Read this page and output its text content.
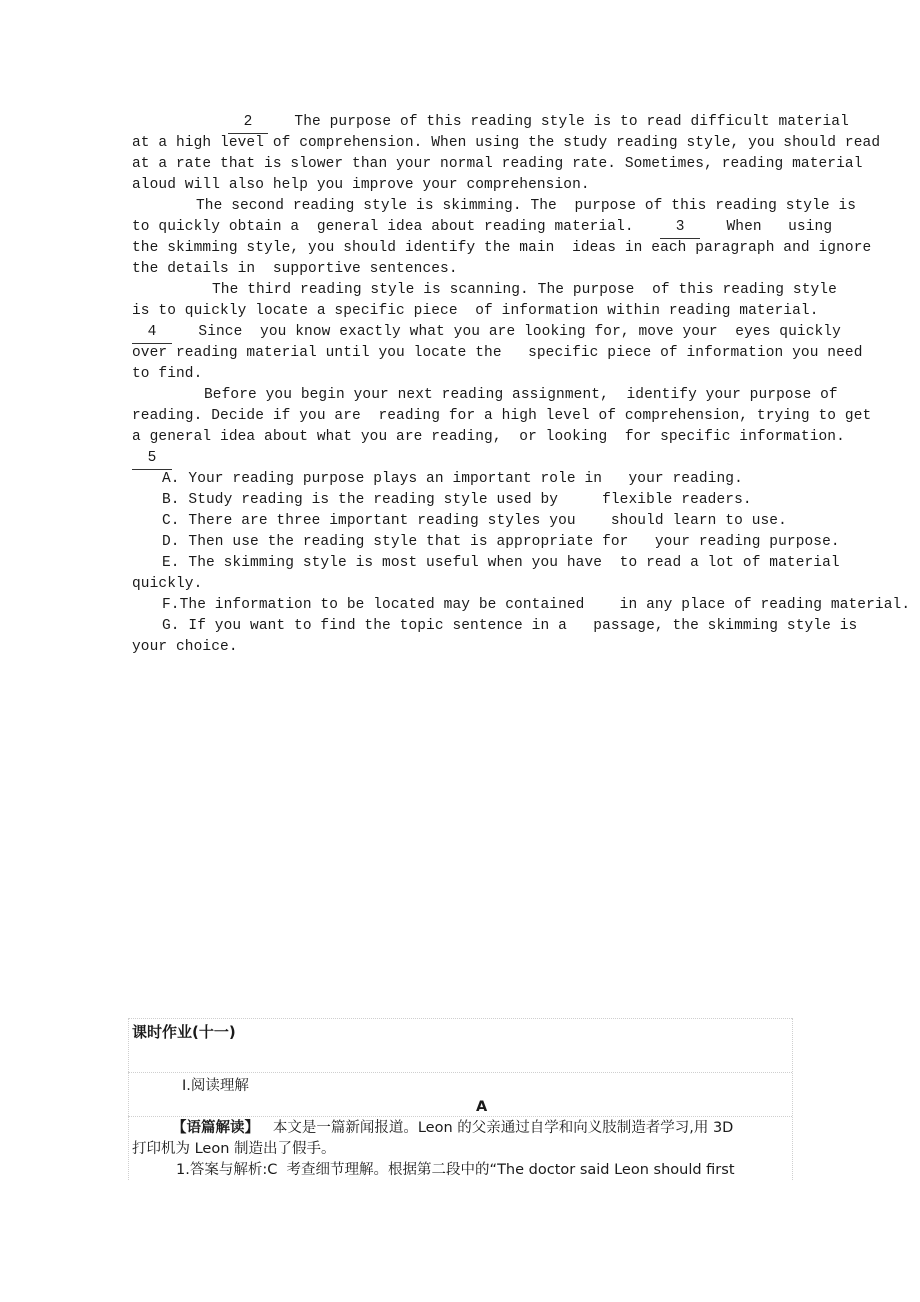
2	The purpose of this reading style is to read difficult material
at a high level of comprehension. When using the study reading style, you should read
at a rate that is slower than your normal reading rate. Sometimes, reading material
aloud will also help you improve your comprehension.
The second reading style is skimming. The  purpose of this reading style is
to quickly obtain a  general idea about reading material.	3	When   using
the skimming style, you should identify the main  ideas in each paragraph and ignore
the details in  supportive sentences.
The third reading style is scanning. The purpose  of this reading style
is to quickly locate a specific piece  of information within reading material.
4	Since  you know exactly what you are looking for, move your  eyes quickly
over reading material until you locate the   specific piece of information you need
to find.
Before you begin your next reading assignment,  identify your purpose of
reading. Decide if you are  reading for a high level of comprehension, trying to get
a general idea about what you are reading,  or looking  for specific information.
5
A. Your reading purpose plays an important role in   your reading.
B. Study reading is the reading style used by     flexible readers.
C. There are three important reading styles you    should learn to use.
D. Then use the reading style that is appropriate for   your reading purpose.
E. The skimming style is most useful when you have  to read a lot of material
quickly.
F.The information to be located may be contained    in any place of reading material.
G. If you want to find the topic sentence in a   passage, the skimming style is
your choice.
课时作业(十一)
Ⅰ.阅读理解
A
【语篇解读】 本文是一篇新闻报道。Leon 的父亲通过自学和向义肢制造者学习,用 3D
打印机为 Leon 制造出了假手。
1.答案与解析:C  考查细节理解。根据第二段中的“The doctor said Leon should first
